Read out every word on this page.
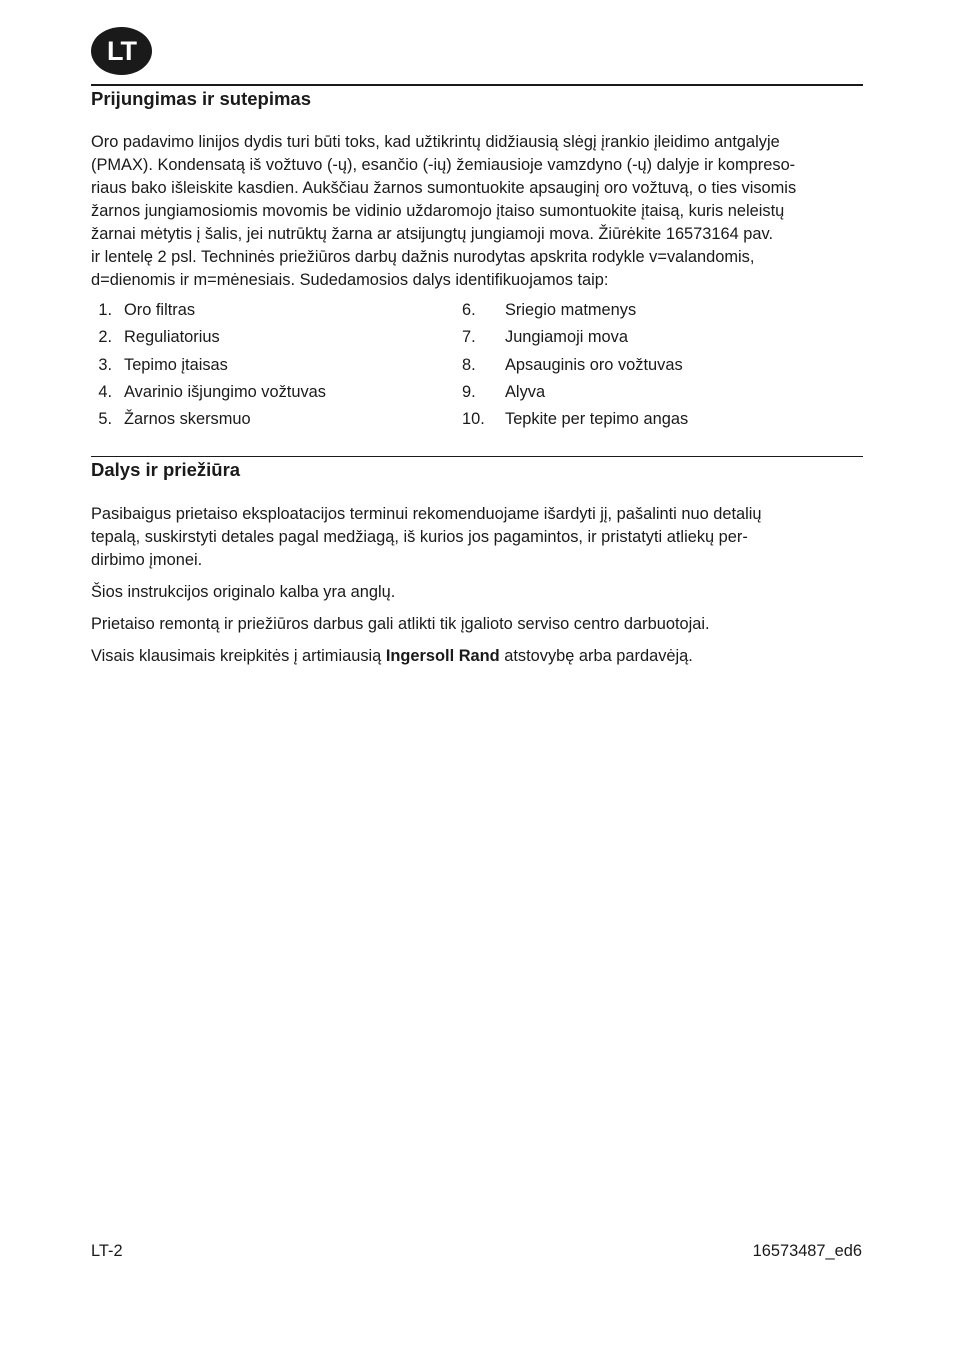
LT
Prijungimas ir sutepimas

Oro padavimo linijos dydis turi būti toks, kad užtikrintų didžiausią slėgį įrankio įleidimo antgalyje
(PMAX). Kondensatą iš vožtuvo (-ų), esančio (-ių) žemiausioje vamzdyno (-ų) dalyje ir kompreso-
riaus bako išleiskite kasdien. Aukščiau žarnos sumontuokite apsauginį oro vožtuvą, o ties visomis
žarnos jungiamosiomis movomis be vidinio uždaromojo įtaiso sumontuokite įtaisą, kuris neleistų
žarnai mėtytis į šalis, jei nutrūktų žarna ar atsijungtų jungiamoji mova. Žiūrėkite 16573164 pav.
ir lentelę 2 psl. Techninės priežiūros darbų dažnis nurodytas apskrita rodykle v=valandomis,
d=dienomis ir m=mėnesiais. Sudedamosios dalys identifikuojamos taip:

1. Oro filtras
2. Reguliatorius
3. Tepimo įtaisas
4. Avarinio išjungimo vožtuvas
5. Žarnos skersmuo
6. Sriegio matmenys
7. Jungiamoji mova
8. Apsauginis oro vožtuvas
9. Alyva
10. Tepkite per tepimo angas
Dalys ir priežiūra

Pasibaigus prietaiso eksploatacijos terminui rekomenduojame išardyti jį, pašalinti nuo detalių
tepalą, suskirstyti detales pagal medžiagą, iš kurios jos pagamintos, ir pristatyti atliekų per-
dirbimo įmonei.

Šios instrukcijos originalo kalba yra anglų.

Prietaiso remontą ir priežiūros darbus gali atlikti tik įgalioto serviso centro darbuotojai.

Visais klausimais kreipkitės į artimiausią Ingersoll Rand atstovybę arba pardavėją.

LT-2	16573487_ed6
